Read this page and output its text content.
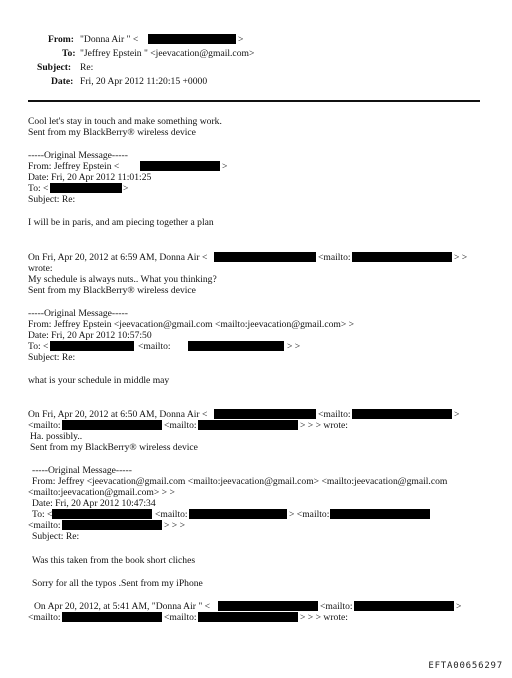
From: "Donna Air " <	>
To: "Jeffrey Epstein " <jeevacation@gmail.com>
Subject: Re:
Date: Fri, 20 Apr 2012 11:20:15 +0000
Cool let's stay in touch and make something work.
Sent from my BlackBerry® wireless device
-----Original Message-----
From: Jeffrey Epstein <	>
Date: Fri, 20 Apr 2012 11:01:25
To: <	>
Subject: Re:
I will be in paris, and am piecing together a plan
On Fri, Apr 20, 2012 at 6:59 AM, Donna Air <	<mailto:	> >
wrote:
My schedule is always nuts.. What you thinking?
Sent from my BlackBerry® wireless device
-----Original Message-----
From: Jeffrey Epstein <jeevacation@gmail.com <mailto:jeevacation@gmail.com> >
Date: Fri, 20 Apr 2012 10:57:50
To: <	<mailto:	> >
Subject: Re:
what is your schedule in middle may
On Fri, Apr 20, 2012 at 6:50 AM, Donna Air <	<mailto:	>
<mailto:	<mailto:	> > > wrote:
Ha. possibly..
Sent from my BlackBerry® wireless device
-----Original Message-----
From: Jeffrey <jeevacation@gmail.com <mailto:jeevacation@gmail.com> <mailto:jeevacation@gmail.com
<mailto:jeevacation@gmail.com> > >
Date: Fri, 20 Apr 2012 10:47:34
To: <	<mailto:	> <mailto:
<mailto:	> > >
Subject: Re:
Was this taken from the book short cliches
Sorry for all the typos .Sent from my iPhone
On Apr 20, 2012, at 5:41 AM, "Donna Air " <	<mailto:	>
<mailto:	<mailto:	> > > wrote:
EFTA00656297
